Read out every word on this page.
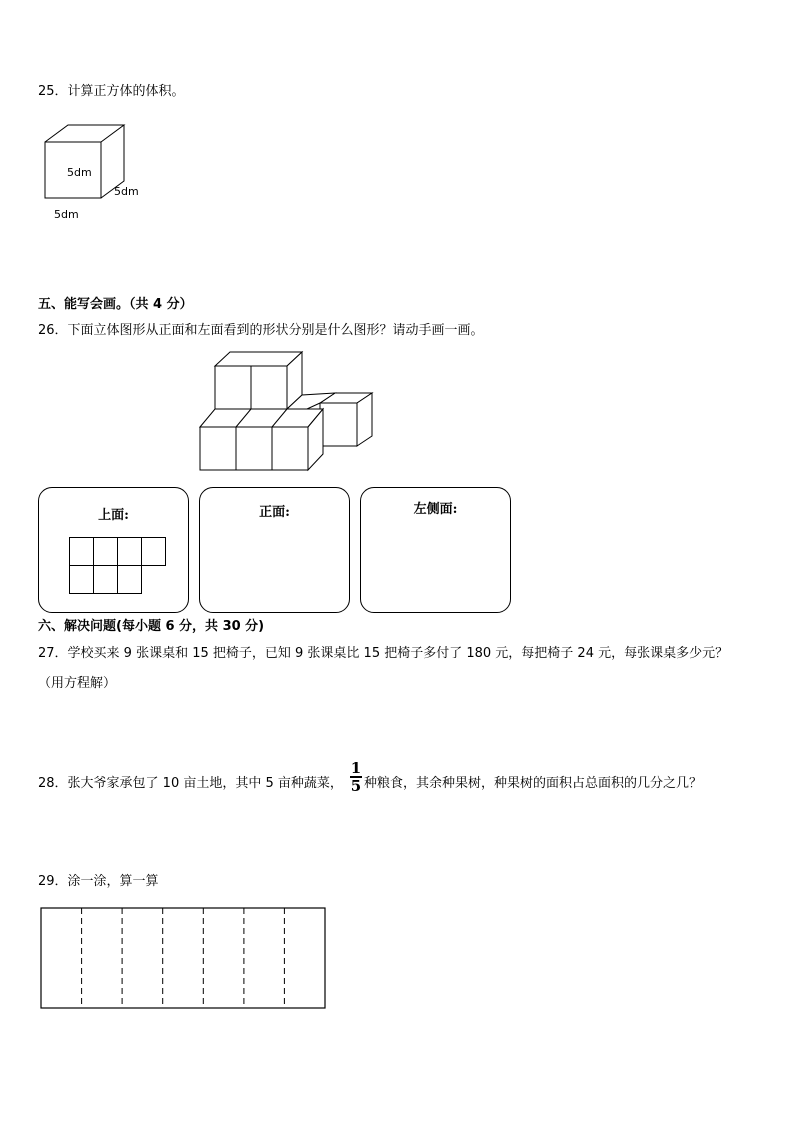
25．计算正方体的体积。
5dm
5dm
5dm
五、能写会画。（共 4 分）
26．下面立体图形从正面和左面看到的形状分别是什么图形？请动手画一画。
上面:	正面:	左侧面:
六、解决问题(每小题 6 分，共 30 分)
27．学校买来 9 张课桌和 15 把椅子，已知 9 张课桌比 15 把椅子多付了 180 元，每把椅子 24 元，每张课桌多少元？
（用方程解）
28．张大爷家承包了 10 亩土地，其中 5 亩种蔬菜，
1
5 种粮食，其余种果树，种果树的面积占总面积的几分之几？
29．涂一涂，算一算
